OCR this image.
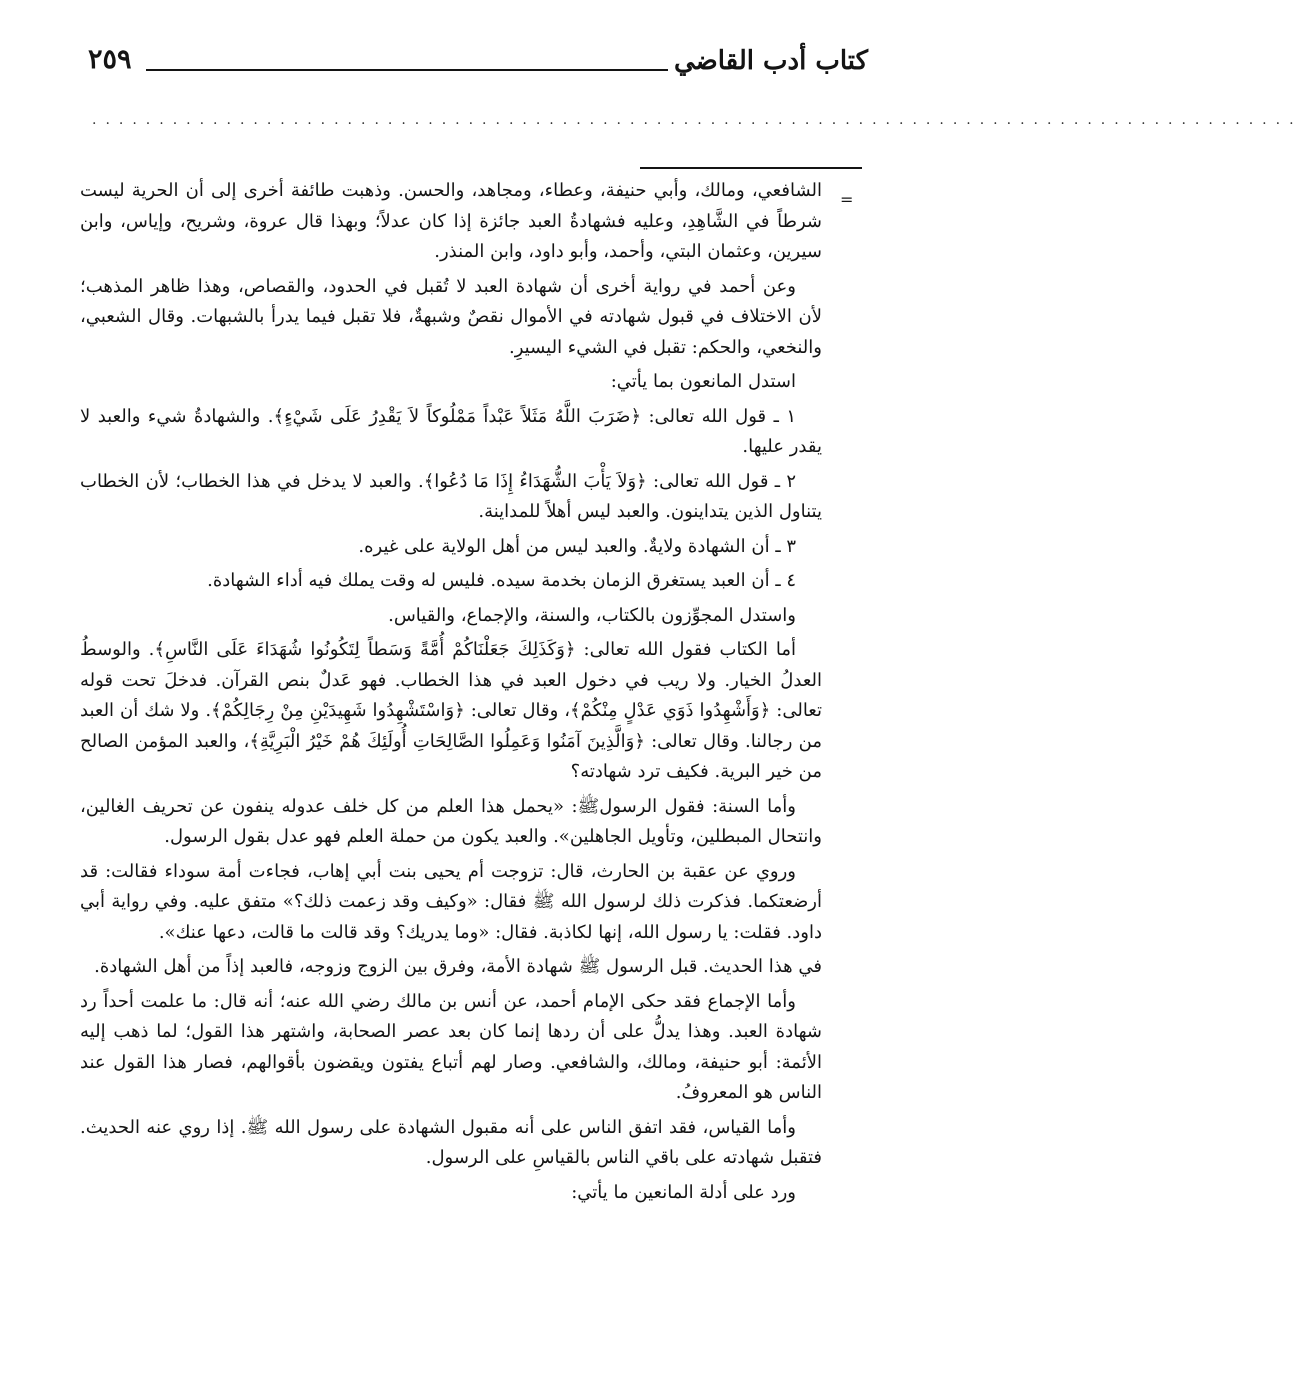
كتاب أدب القاضي
٢٥٩
..........................................................................................
=

الشافعي، ومالك، وأبي حنيفة، وعطاء، ومجاهد، والحسن. وذهبت طائفة أخرى إلى أن الحرية ليست شرطاً في الشَّاهِدِ، وعليه فشهادةُ العبد جائزة إذا كان عدلاً؛ وبهذا قال عروة، وشريح، وإياس، وابن سيرين، وعثمان البتي، وأحمد، وأبو داود، وابن المنذر.

وعن أحمد في رواية أخرى أن شهادة العبد لا تُقبل في الحدود، والقصاص، وهذا ظاهر المذهب؛ لأن الاختلاف في قبول شهادته في الأموال نقصٌ وشبهةٌ، فلا تقبل فيما يدرأ بالشبهات. وقال الشعبي، والنخعي، والحكم: تقبل في الشيء اليسيرِ.

استدل المانعون بما يأتي:

١ ـ قول الله تعالى: ﴿ضَرَبَ اللَّهُ مَثَلاً عَبْداً مَمْلُوكاً لاَ يَقْدِرُ عَلَى شَيْءٍ﴾. والشهادةُ شيء والعبد لا يقدر عليها.

٢ ـ قول الله تعالى: ﴿وَلاَ يَأْبَ الشُّهَدَاءُ إِذَا مَا دُعُوا﴾. والعبد لا يدخل في هذا الخطاب؛ لأن الخطاب يتناول الذين يتداينون. والعبد ليس أهلاً للمداينة.

٣ ـ أن الشهادة ولايةٌ. والعبد ليس من أهل الولاية على غيره.

٤ ـ أن العبد يستغرق الزمان بخدمة سيده. فليس له وقت يملك فيه أداء الشهادة.

واستدل المجوِّزون بالكتاب، والسنة، والإجماع، والقياس.

أما الكتاب فقول الله تعالى: ﴿وَكَذَلِكَ جَعَلْنَاكُمْ أُمَّةً وَسَطاً لِتَكُونُوا شُهَدَاءَ عَلَى النَّاسِ﴾. والوسطُ العدلُ الخيار. ولا ريب في دخول العبد في هذا الخطاب. فهو عَدلٌ بنص القرآن. فدخلَ تحت قوله تعالى: ﴿وَأَشْهِدُوا ذَوَي عَدْلٍ مِنْكُمْ﴾، وقال تعالى: ﴿وَاسْتَشْهِدُوا شَهِيدَيْنِ مِنْ رِجَالِكُمْ﴾. ولا شك أن العبد من رجالنا. وقال تعالى: ﴿وَالَّذِينَ آمَنُوا وَعَمِلُوا الصَّالِحَاتِ أُولَئِكَ هُمْ خَيْرُ الْبَرِيَّةِ﴾، والعبد المؤمن الصالح من خير البرية. فكيف ترد شهادته؟

وأما السنة: فقول الرسولﷺ: «يحمل هذا العلم من كل خلف عدوله ينفون عن تحريف الغالين، وانتحال المبطلين، وتأويل الجاهلين». والعبد يكون من حملة العلم فهو عدل بقول الرسول.

وروي عن عقبة بن الحارث، قال: تزوجت أم يحيى بنت أبي إهاب، فجاءت أمة سوداء فقالت: قد أرضعتكما. فذكرت ذلك لرسول الله ﷺ فقال: «وكيف وقد زعمت ذلك؟» متفق عليه. وفي رواية أبي داود. فقلت: يا رسول الله، إنها لكاذبة. فقال: «وما يدريك؟ وقد قالت ما قالت، دعها عنك».

في هذا الحديث. قبل الرسول ﷺ شهادة الأمة، وفرق بين الزوج وزوجه، فالعبد إذاً من أهل الشهادة.

وأما الإجماع فقد حكى الإمام أحمد، عن أنس بن مالك رضي الله عنه؛ أنه قال: ما علمت أحداً رد شهادة العبد. وهذا يدلُّ على أن ردها إنما كان بعد عصر الصحابة، واشتهر هذا القول؛ لما ذهب إليه الأئمة: أبو حنيفة، ومالك، والشافعي. وصار لهم أتباع يفتون ويقضون بأقوالهم، فصار هذا القول عند الناس هو المعروفُ.

وأما القياس، فقد اتفق الناس على أنه مقبول الشهادة على رسول الله ﷺ. إذا روي عنه الحديث. فتقبل شهادته على باقي الناس بالقياسِ على الرسول.

ورد على أدلة المانعين ما يأتي:
